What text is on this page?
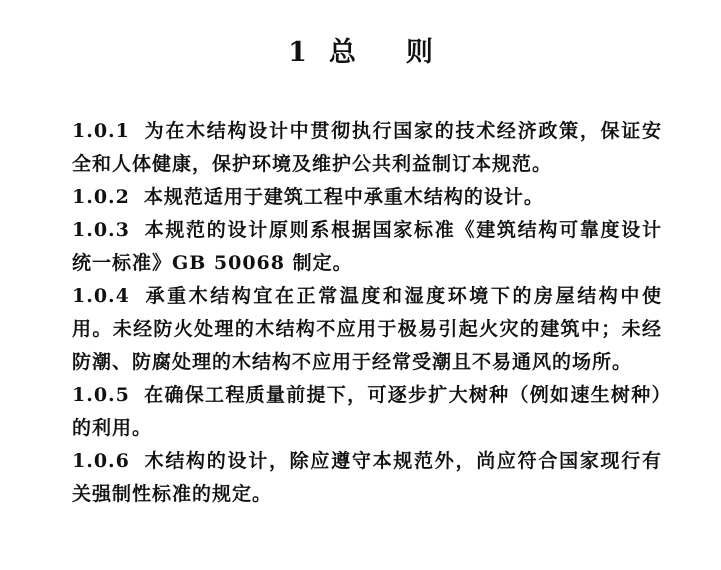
1 总 则

1.0.1 为在木结构设计中贯彻执行国家的技术经济政策，保证安全和人体健康，保护环境及维护公共利益制订本规范。

1.0.2 本规范适用于建筑工程中承重木结构的设计。

1.0.3 本规范的设计原则系根据国家标准《建筑结构可靠度设计统一标准》GB 50068 制定。

1.0.4 承重木结构宜在正常温度和湿度环境下的房屋结构中使用。未经防火处理的木结构不应用于极易引起火灾的建筑中；未经防潮、防腐处理的木结构不应用于经常受潮且不易通风的场所。

1.0.5 在确保工程质量前提下，可逐步扩大树种（例如速生树种）的利用。

1.0.6 木结构的设计，除应遵守本规范外，尚应符合国家现行有关强制性标准的规定。
